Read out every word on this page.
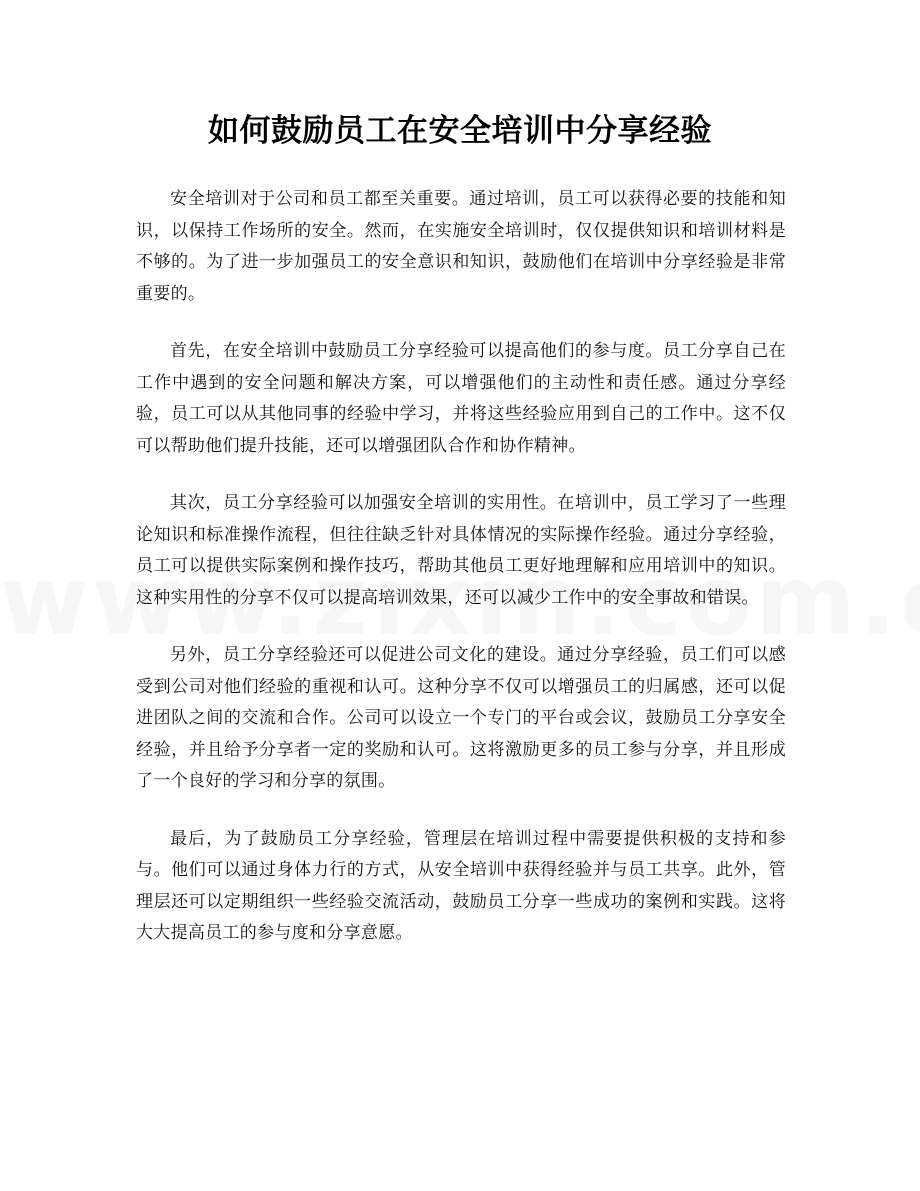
如何鼓励员工在安全培训中分享经验

安全培训对于公司和员工都至关重要。通过培训，员工可以获得必要的技能和知识，以保持工作场所的安全。然而，在实施安全培训时，仅仅提供知识和培训材料是不够的。为了进一步加强员工的安全意识和知识，鼓励他们在培训中分享经验是非常重要的。

首先，在安全培训中鼓励员工分享经验可以提高他们的参与度。员工分享自己在工作中遇到的安全问题和解决方案，可以增强他们的主动性和责任感。通过分享经验，员工可以从其他同事的经验中学习，并将这些经验应用到自己的工作中。这不仅可以帮助他们提升技能，还可以增强团队合作和协作精神。

其次，员工分享经验可以加强安全培训的实用性。在培训中，员工学习了一些理论知识和标准操作流程，但往往缺乏针对具体情况的实际操作经验。通过分享经验，员工可以提供实际案例和操作技巧，帮助其他员工更好地理解和应用培训中的知识。这种实用性的分享不仅可以提高培训效果，还可以减少工作中的安全事故和错误。

另外，员工分享经验还可以促进公司文化的建设。通过分享经验，员工们可以感受到公司对他们经验的重视和认可。这种分享不仅可以增强员工的归属感，还可以促进团队之间的交流和合作。公司可以设立一个专门的平台或会议，鼓励员工分享安全经验，并且给予分享者一定的奖励和认可。这将激励更多的员工参与分享，并且形成了一个良好的学习和分享的氛围。

最后，为了鼓励员工分享经验，管理层在培训过程中需要提供积极的支持和参与。他们可以通过身体力行的方式，从安全培训中获得经验并与员工共享。此外，管理层还可以定期组织一些经验交流活动，鼓励员工分享一些成功的案例和实践。这将大大提高员工的参与度和分享意愿。
